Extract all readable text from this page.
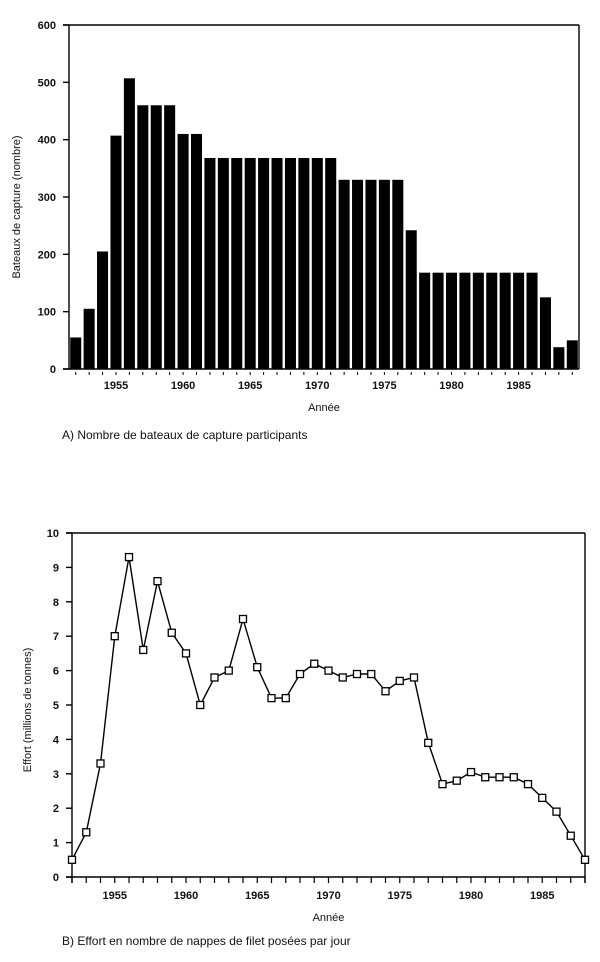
0
100
200
300
400
500
600
1955	1960	1965	1970	1975	1980	1985
Année
Bateaux de capture (nombre)
0
1
2
3
4
5
6
7
8
9
10
1955	1960	1965	1970	1975	1980	1985
Année
Effort (millions de tonnes)
A) Nombre de bateaux de capture participants
B) Effort en nombre de nappes de filet posées par jour
